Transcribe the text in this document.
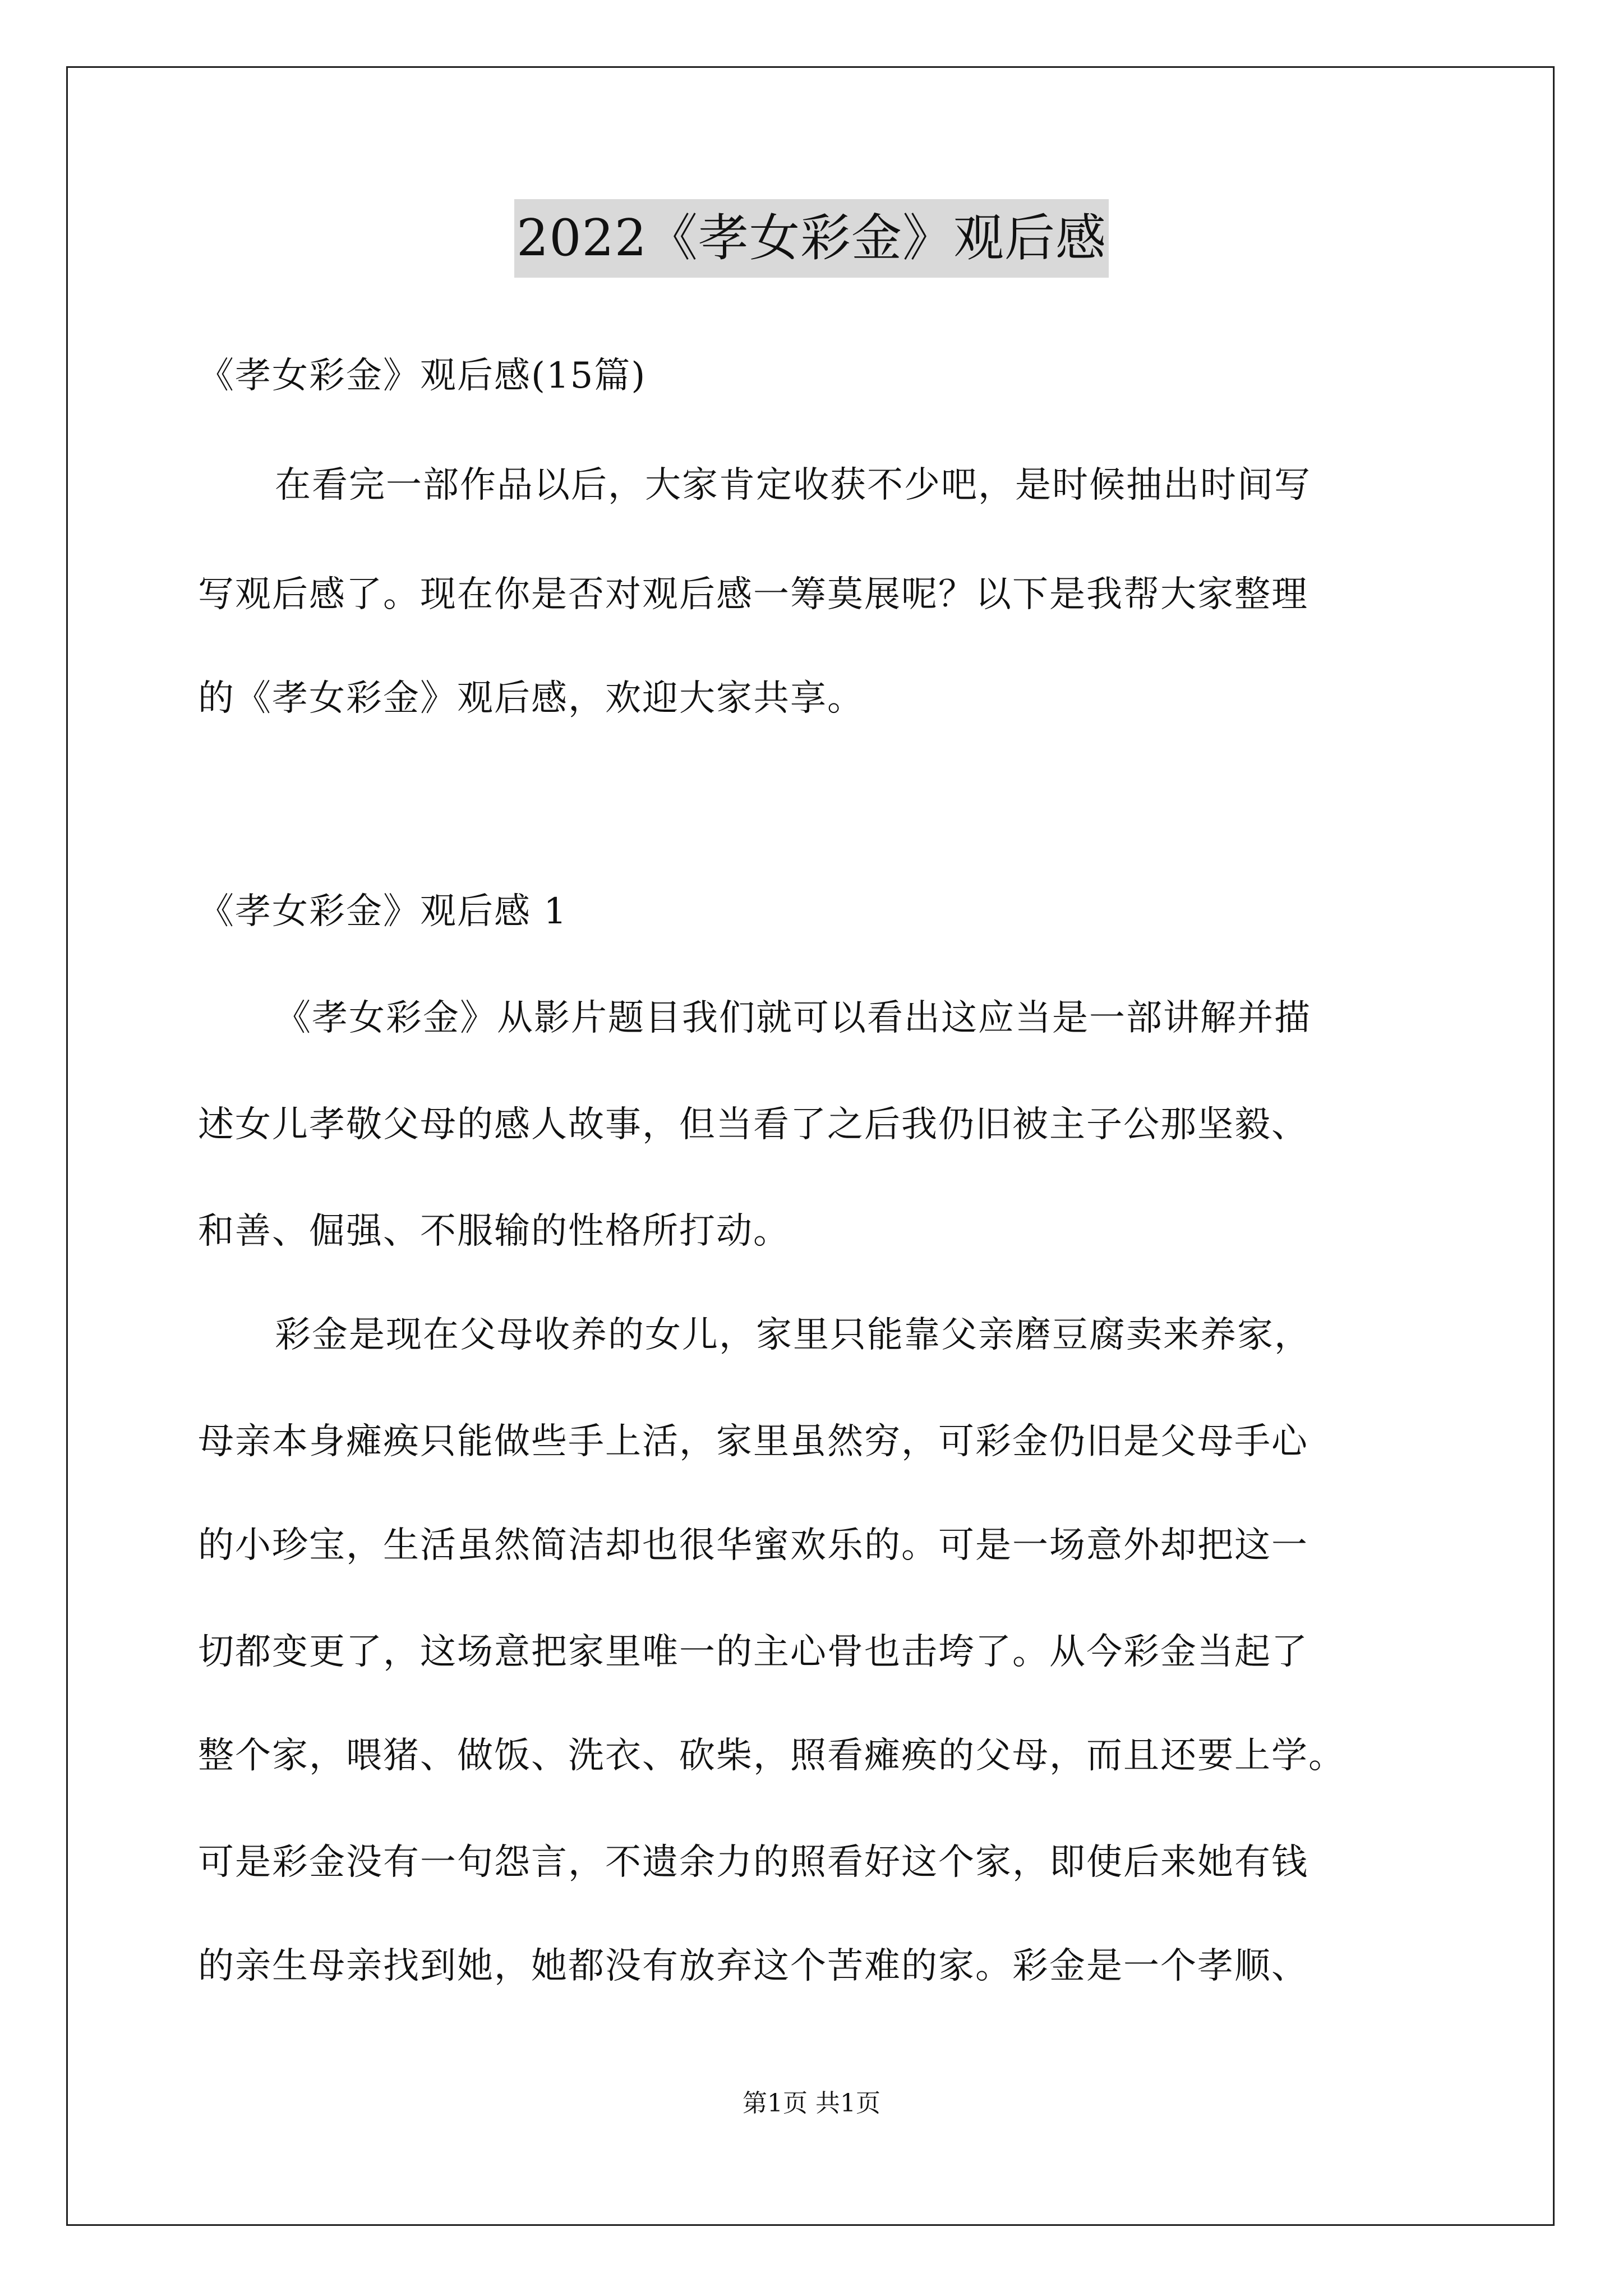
2022《孝女彩金》观后感
《孝女彩金》观后感(15篇)
在看完一部作品以后，大家肯定收获不少吧，是时候抽出时间写
写观后感了。现在你是否对观后感一筹莫展呢？以下是我帮大家整理
的《孝女彩金》观后感，欢迎大家共享。
《孝女彩金》观后感 1
《孝女彩金》从影片题目我们就可以看出这应当是一部讲解并描
述女儿孝敬父母的感人故事，但当看了之后我仍旧被主子公那坚毅、
和善、倔强、不服输的性格所打动。
彩金是现在父母收养的女儿，家里只能靠父亲磨豆腐卖来养家，
母亲本身瘫痪只能做些手上活，家里虽然穷，可彩金仍旧是父母手心
的小珍宝，生活虽然简洁却也很华蜜欢乐的。可是一场意外却把这一
切都变更了，这场意把家里唯一的主心骨也击垮了。从今彩金当起了
整个家，喂猪、做饭、洗衣、砍柴，照看瘫痪的父母，而且还要上学。
可是彩金没有一句怨言，不遗余力的照看好这个家，即使后来她有钱
的亲生母亲找到她，她都没有放弃这个苦难的家。彩金是一个孝顺、
第1页 共1页
